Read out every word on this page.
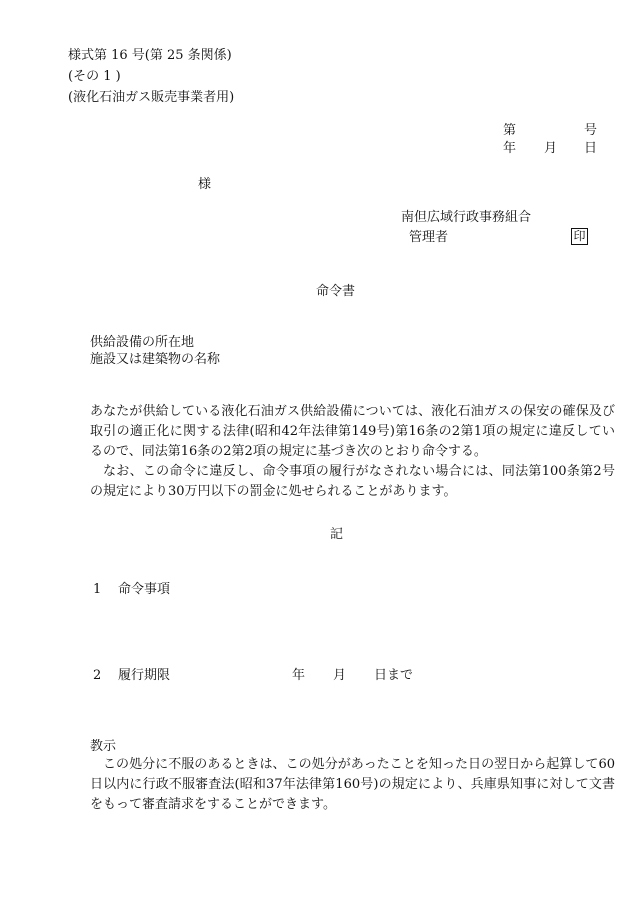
様式第 16 号(第 25 条関係)
(その 1 )
(液化石油ガス販売事業者用)
第	号
年 月 日
様
南但広域行政事務組合
管理者	印
命令書
供給設備の所在地
施設又は建築物の名称

あなたが供給している液化石油ガス供給設備については、液化石油ガスの保安の確保及び取引の適正化に関する法律(昭和42年法律第149号)第16条の2第1項の規定に違反しているので、同法第16条の2第2項の規定に基づき次のとおり命令する。

なお、この命令に違反し、命令事項の履行がなされない場合には、同法第100条第2号の規定により30万円以下の罰金に処せられることがあります。

記
1 命令事項
2 履行期限	年 月 日まで
教示

この処分に不服のあるときは、この処分があったことを知った日の翌日から起算して60日以内に行政不服審査法(昭和37年法律第160号)の規定により、兵庫県知事に対して文書をもって審査請求をすることができます。
